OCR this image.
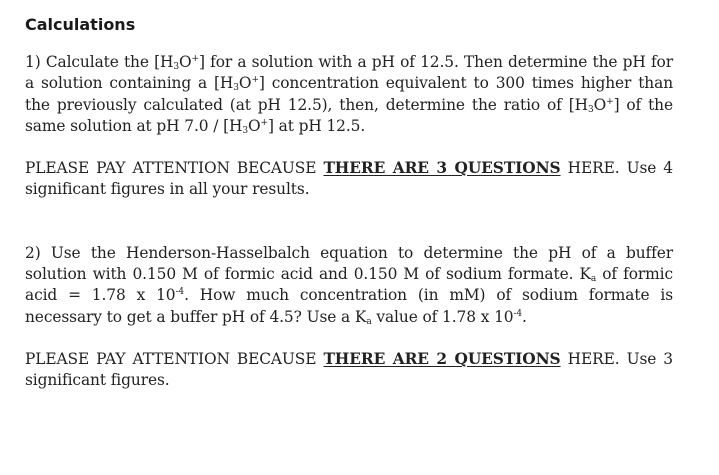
Calculations

1) Calculate the $[H_3O^+]$ for a solution with a pH of 12.5. Then determine the pH for a solution containing a $[H_3O^+]$ concentration equivalent to 300 times higher than the previously calculated (at pH 12.5), then, determine the ratio of $[H_3O^+]$ of the same solution at pH $7.0 / [H_3O^+]$ at pH 12.5.

PLEASE PAY ATTENTION BECAUSE THERE ARE 3 QUESTIONS HERE. Use 4 significant figures in all your results.

2) Use the Henderson-Hasselbalch equation to determine the pH of a buffer solution with 0.150 M of formic acid and 0.150 M of sodium formate. $K_a$ of formic acid = 1.78 x $10^{-4}$. How much concentration (in mM) of sodium formate is necessary to get a buffer pH of 4.5? Use a $K_a$ value of 1.78 x $10^{-4}$.

PLEASE PAY ATTENTION BECAUSE THERE ARE 2 QUESTIONS HERE. Use 3 significant figures.
